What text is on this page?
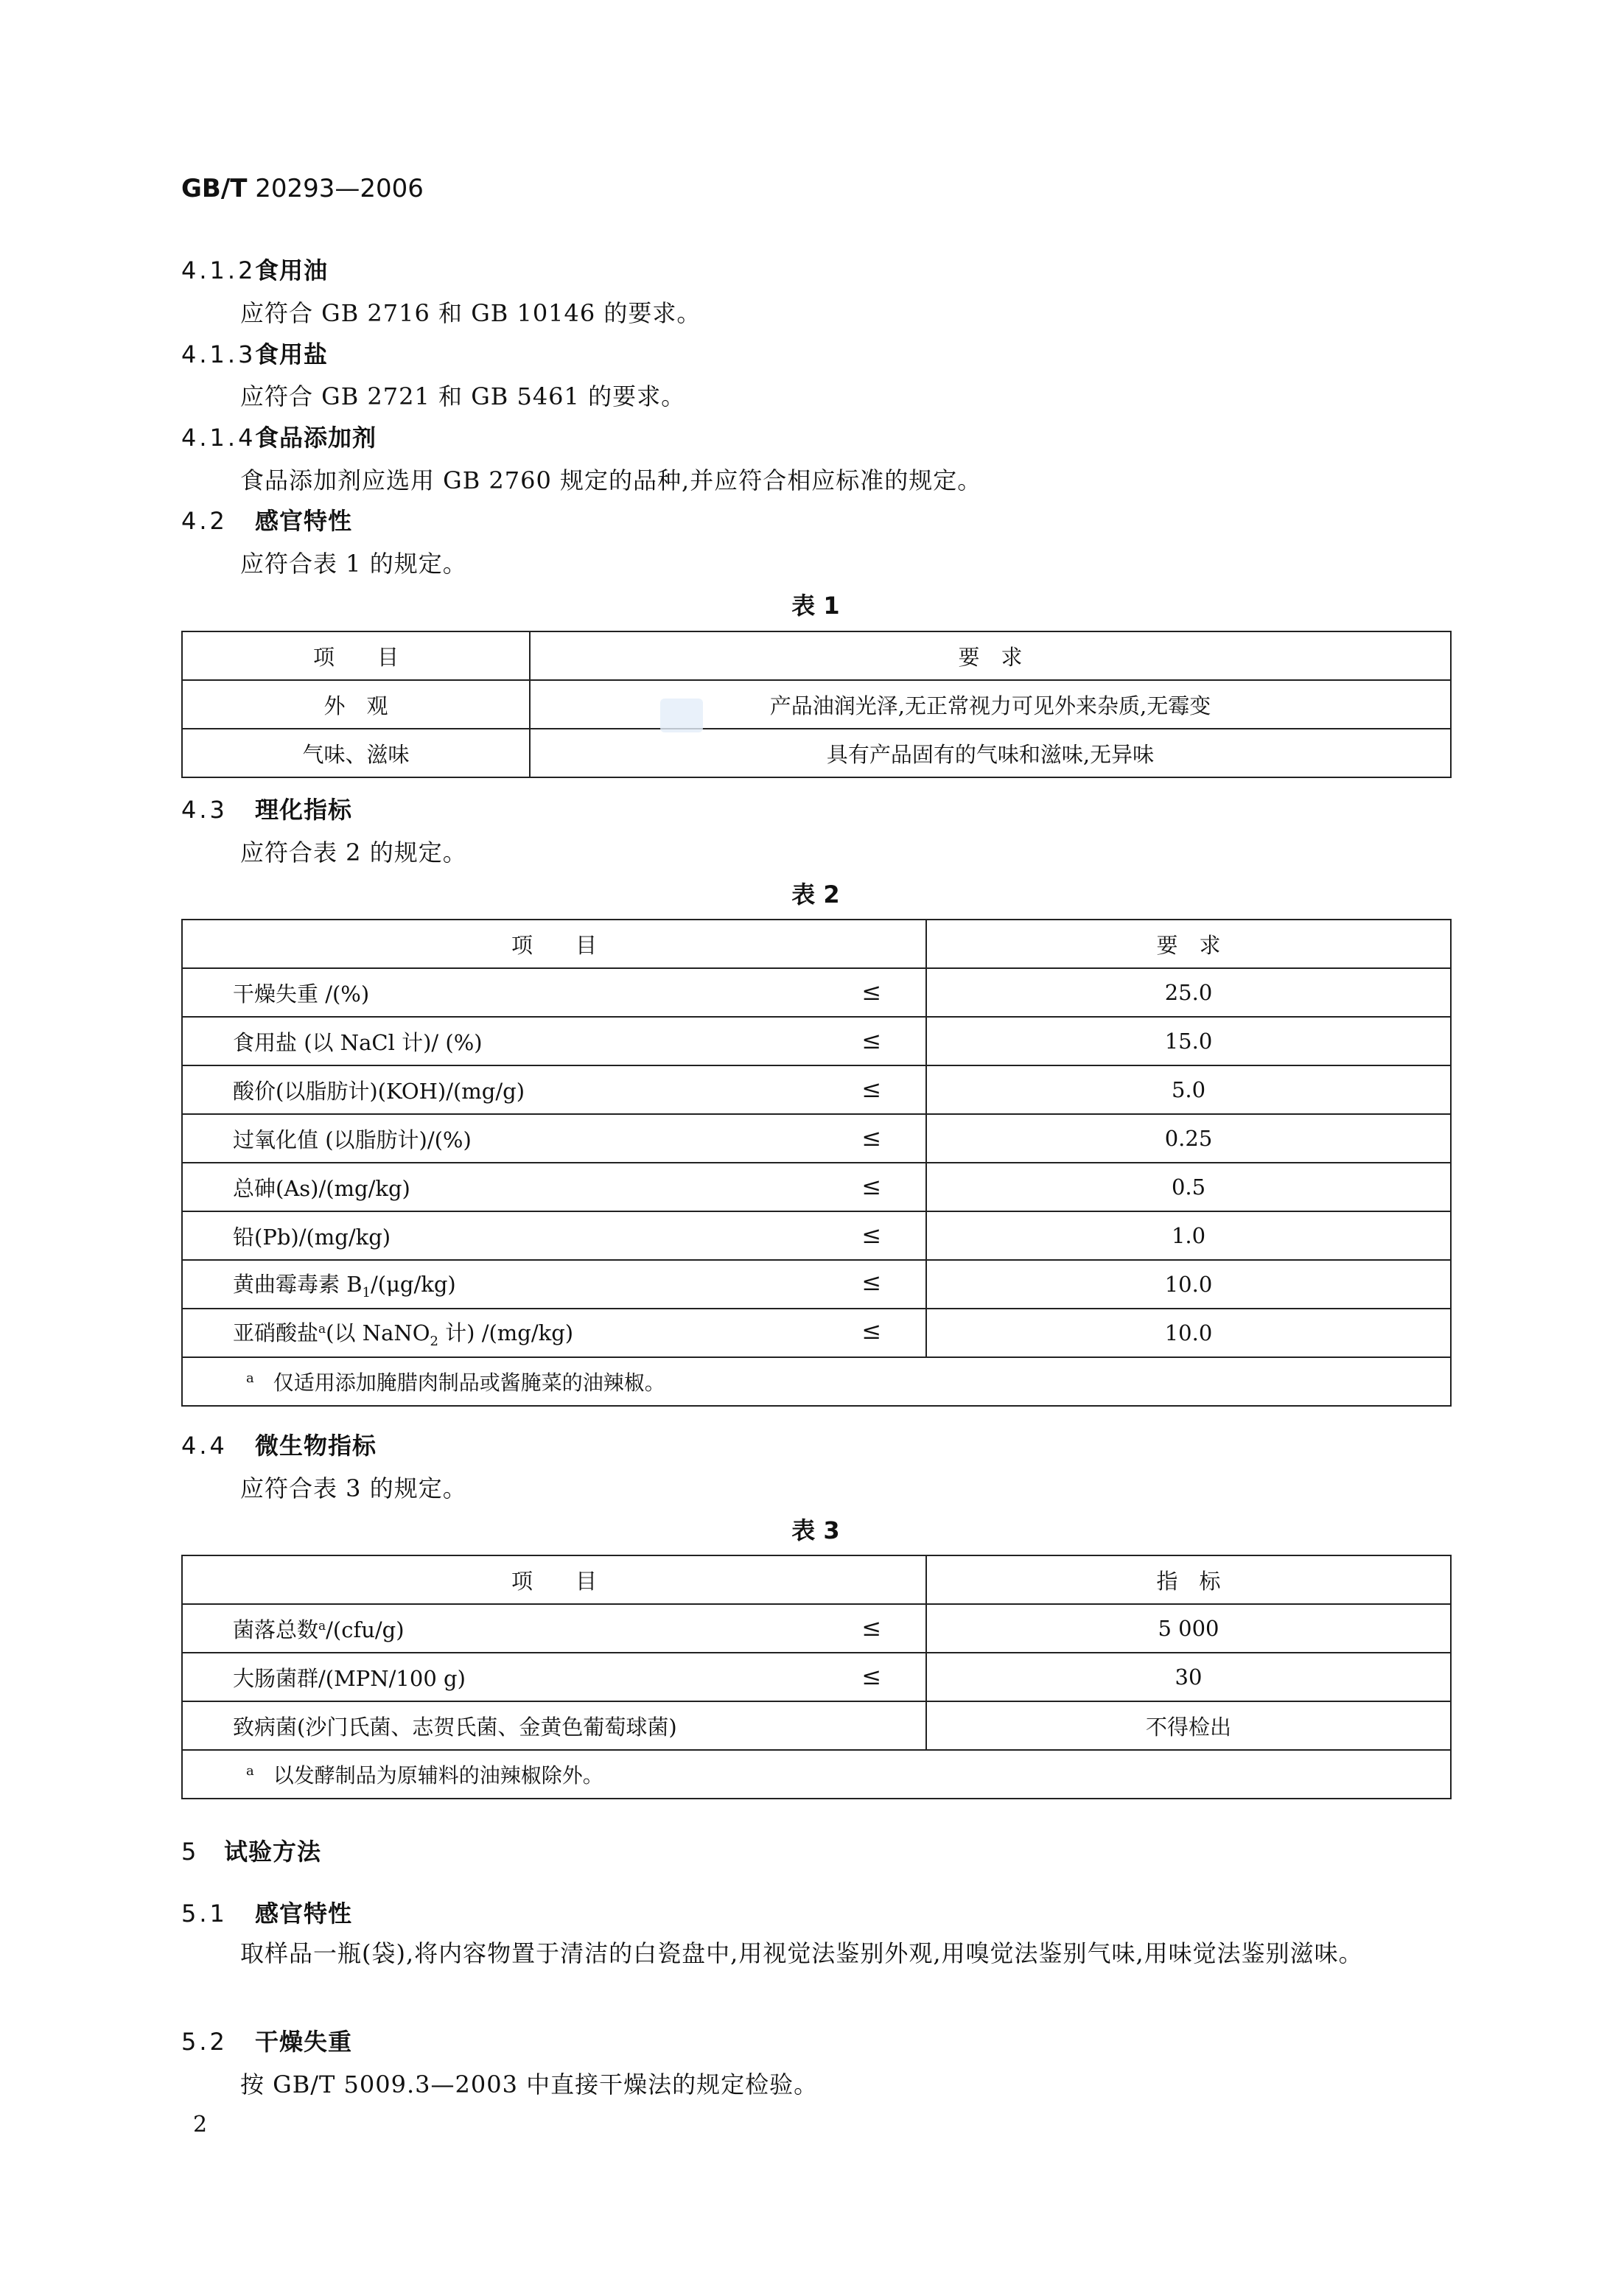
GB/T 20293—2006
4.1.2食用油
应符合 GB 2716 和 GB 10146 的要求。
4.1.3食用盐
应符合 GB 2721 和 GB 5461 的要求。
4.1.4食品添加剂
食品添加剂应选用 GB 2760 规定的品种,并应符合相应标准的规定。
4.2 感官特性
应符合表 1 的规定。
表 1
项　　目	要　求
外　观	产品油润光泽,无正常视力可见外来杂质,无霉变
气味、滋味	具有产品固有的气味和滋味,无异味
4.3 理化指标
应符合表 2 的规定。
表 2
项　　目	要　求
干燥失重 /(%) ≤	25.0
食用盐 (以 NaCl 计)/ (%) ≤	15.0
酸价(以脂肪计)(KOH)/(mg/g) ≤	5.0
过氧化值 (以脂肪计)/(%) ≤	0.25
总砷(As)/(mg/kg) ≤	0.5
铅(Pb)/(mg/kg) ≤	1.0
黄曲霉毒素 $B_1/(\mu g/kg)$ ≤	10.0
亚硝酸盐$^a$(以 NaNO$_2$ 计) /(mg/kg) ≤	10.0
$^a$ 仅适用添加腌腊肉制品或酱腌菜的油辣椒。	
4.4 微生物指标
应符合表 3 的规定。
表 3
项　　目	指　标
菌落总数$^a$/(cfu/g) ≤	5 000
大肠菌群/(MPN/100 g) ≤	30
致病菌(沙门氏菌、志贺氏菌、金黄色葡萄球菌)	不得检出
$^a$ 以发酵制品为原辅料的油辣椒除外。	
5 试验方法
5.1 感官特性
取样品一瓶(袋),将内容物置于清洁的白瓷盘中,用视觉法鉴别外观,用嗅觉法鉴别气味,用味觉法鉴别滋味。
5.2 干燥失重
按 GB/T 5009.3—2003 中直接干燥法的规定检验。
2
